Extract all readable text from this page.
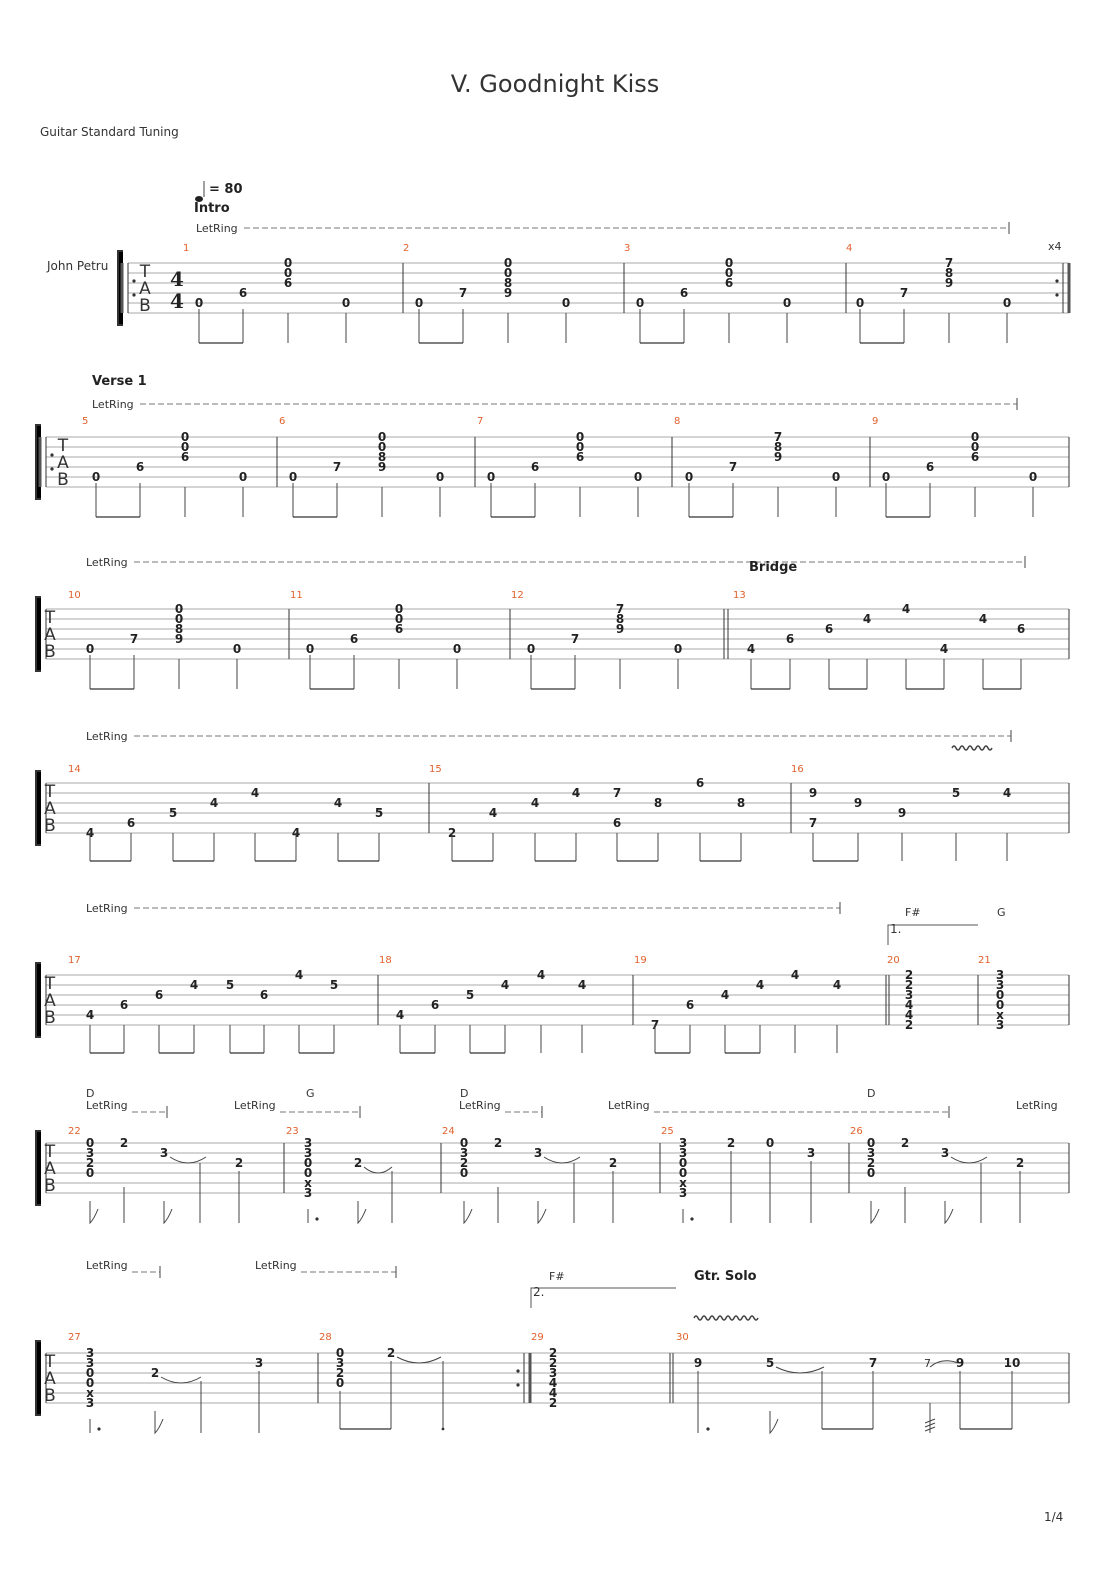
V. Goodnight Kiss
Guitar Standard Tuning
1/4
John Petru T
A
B
4
4
= 80
Intro
LetRing
x4
1	2	3	4
0
6
0
0
6
0	0
7
0
0
8
9
0	0
6
0
0
6
0	0
7
7
8
9
0
Verse 1
LetRing
T
A
B
5	6	7	8	9
0
6
0
0
6
0	0
7
0
0
8
9
0	0
6
0
0
6
0	0
7
7
8
9
0	0
6
0
0
6
0
LetRing	Bridge
T
A
B
10	11	12	13
0
7
0
0
8
9
0	0
6
0
0
6
0	0
7
7
8
9
0	4
6
6
4
4
4
4
6
LetRing
T
A
B
14	15	16
4
6
5
4
4
4
4
5
2
4
4
4
6
7
8
6
8
9
7
9
9
5	4
LetRing
1.
F#	G
T
A
B
17	18	19	20	21
4
6
6
4 5
6
4
5
4
6
5
4
4
4
7
6
4
4
4
4
2
2
3
4
4
2
3
3
0
0
x
3
D	G	D	D
LetRing	LetRing	LetRing	LetRing	LetRing
T
A
B
22	23	24	25	26
0
3
2
0
2
3
2
0
3
2
0
2
3
2
0
3
2
0
2
3
2
3
3
0
0
x
3
2
3
3
0
0
x
3
2	0
3
LetRing	LetRing
2.
F#	Gtr. Solo
T
A
B
27	28	29	30
3
3
0
0
x
3
2
3
0
3
2
0
2	2
2
3
4
4
2
9	5	7	7 9	10
